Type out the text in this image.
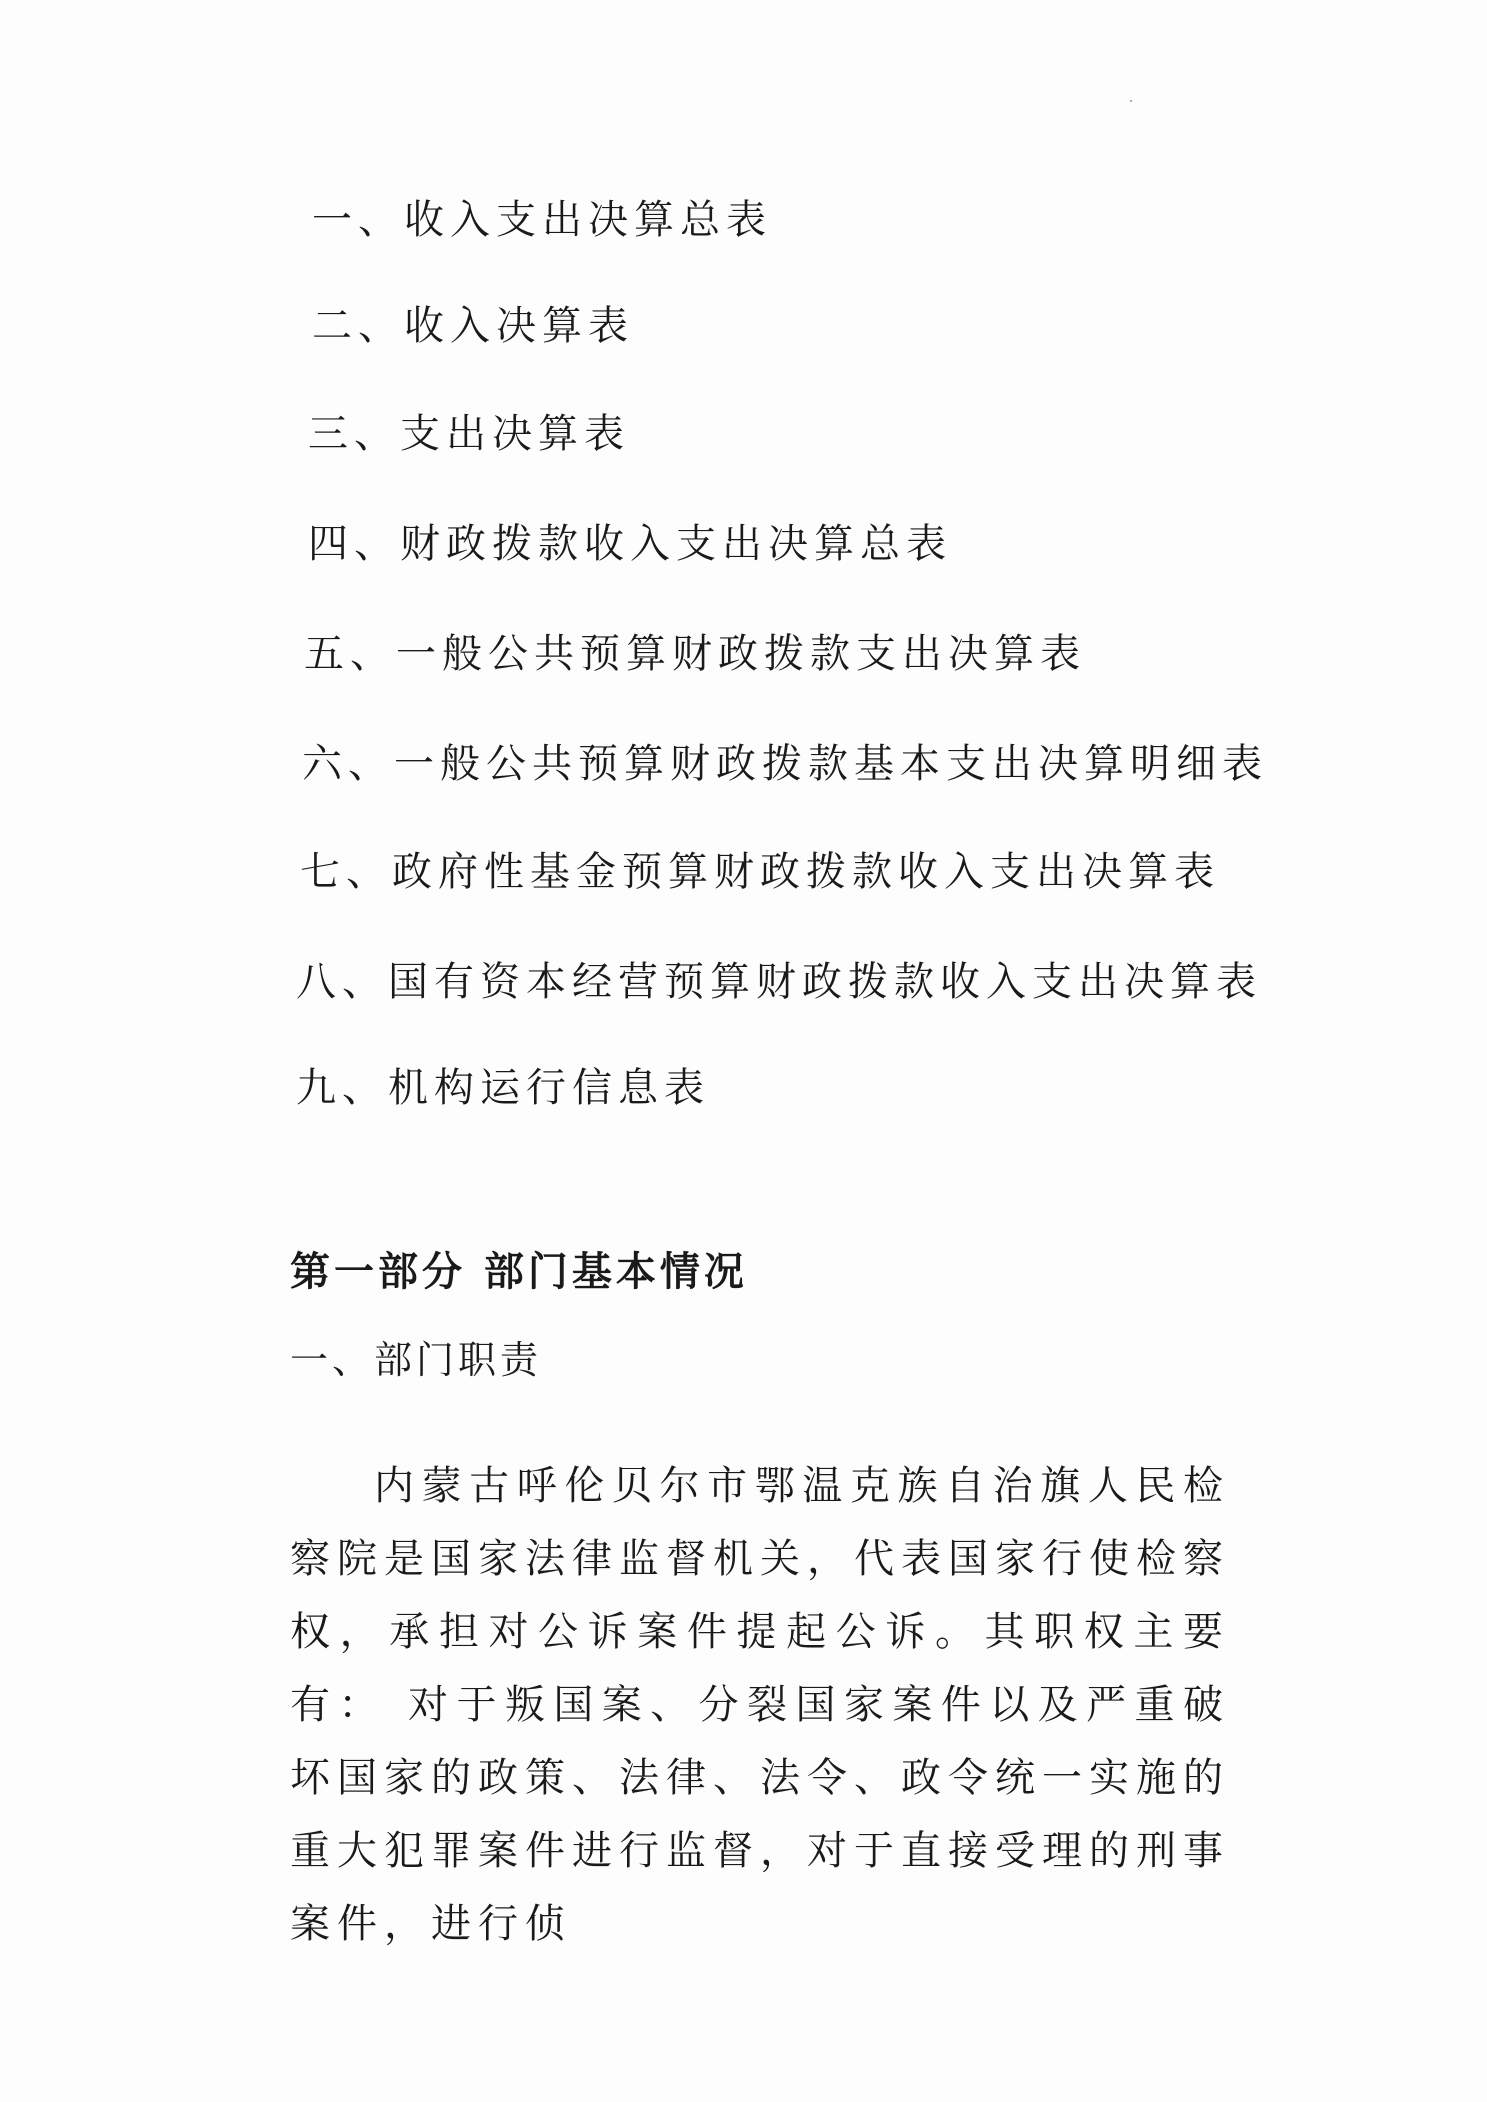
一、收入支出决算总表
二、收入决算表
三、支出决算表
四、财政拨款收入支出决算总表
五、一般公共预算财政拨款支出决算表
六、一般公共预算财政拨款基本支出决算明细表
七、政府性基金预算财政拨款收入支出决算表
八、国有资本经营预算财政拨款收入支出决算表
九、机构运行信息表
第一部分 部门基本情况
一、部门职责
内蒙古呼伦贝尔市鄂温克族自治旗人民检察院是国家法律监督机关，代表国家行使检察权，承担对公诉案件提起公诉。其职权主要有： 对于叛国案、分裂国家案件以及严重破坏国家的政策、法律、法令、政令统一实施的重大犯罪案件进行监督，对于直接受理的刑事案件，进行侦
